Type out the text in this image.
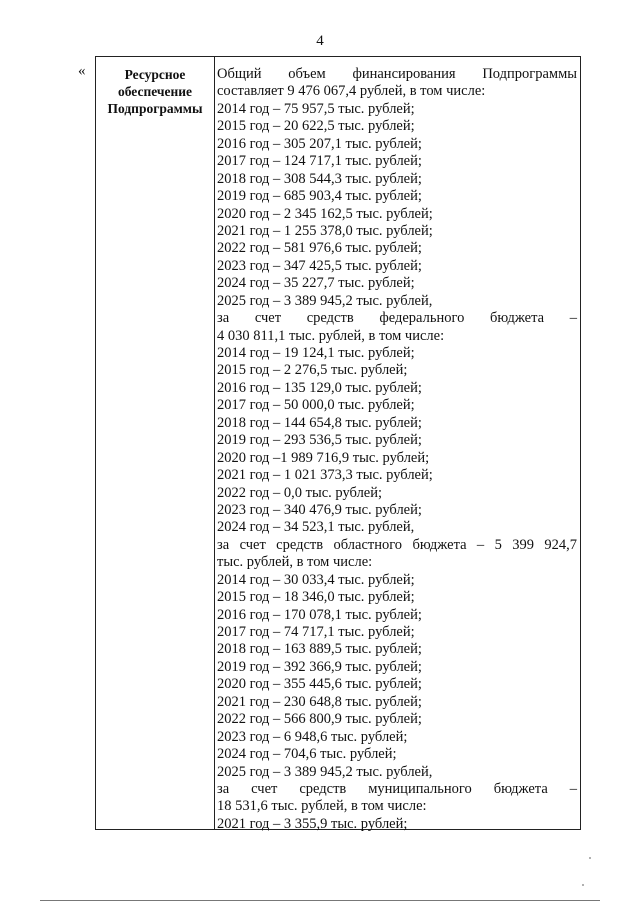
4
«	Ресурсное
обеспечение
Подпрограммы
Общий объем финансирования Подпрограммы
составляет 9 476 067,4 рублей, в том числе:
2014 год – 75 957,5 тыс. рублей;
2015 год – 20 622,5 тыс. рублей;
2016 год – 305 207,1 тыс. рублей;
2017 год – 124 717,1 тыс. рублей;
2018 год – 308 544,3 тыс. рублей;
2019 год – 685 903,4 тыс. рублей;
2020 год – 2 345 162,5 тыс. рублей;
2021 год – 1 255 378,0 тыс. рублей;
2022 год – 581 976,6 тыс. рублей;
2023 год – 347 425,5 тыс. рублей;
2024 год – 35 227,7 тыс. рублей;
2025 год – 3 389 945,2 тыс. рублей,
за счет средств федерального бюджета –
4 030 811,1 тыс. рублей, в том числе:
2014 год – 19 124,1 тыс. рублей;
2015 год – 2 276,5 тыс. рублей;
2016 год – 135 129,0 тыс. рублей;
2017 год – 50 000,0 тыс. рублей;
2018 год – 144 654,8 тыс. рублей;
2019 год – 293 536,5 тыс. рублей;
2020 год –1 989 716,9 тыс. рублей;
2021 год – 1 021 373,3 тыс. рублей;
2022 год – 0,0 тыс. рублей;
2023 год – 340 476,9 тыс. рублей;
2024 год – 34 523,1 тыс. рублей,
за счет средств областного бюджета – 5 399 924,7
тыс. рублей, в том числе:
2014 год – 30 033,4 тыс. рублей;
2015 год – 18 346,0 тыс. рублей;
2016 год – 170 078,1 тыс. рублей;
2017 год – 74 717,1 тыс. рублей;
2018 год – 163 889,5 тыс. рублей;
2019 год – 392 366,9 тыс. рублей;
2020 год – 355 445,6 тыс. рублей;
2021 год – 230 648,8 тыс. рублей;
2022 год – 566 800,9 тыс. рублей;
2023 год – 6 948,6 тыс. рублей;
2024 год – 704,6 тыс. рублей;
2025 год – 3 389 945,2 тыс. рублей,
за счет средств муниципального бюджета –
18 531,6 тыс. рублей, в том числе:
2021 год – 3 355,9 тыс. рублей;
